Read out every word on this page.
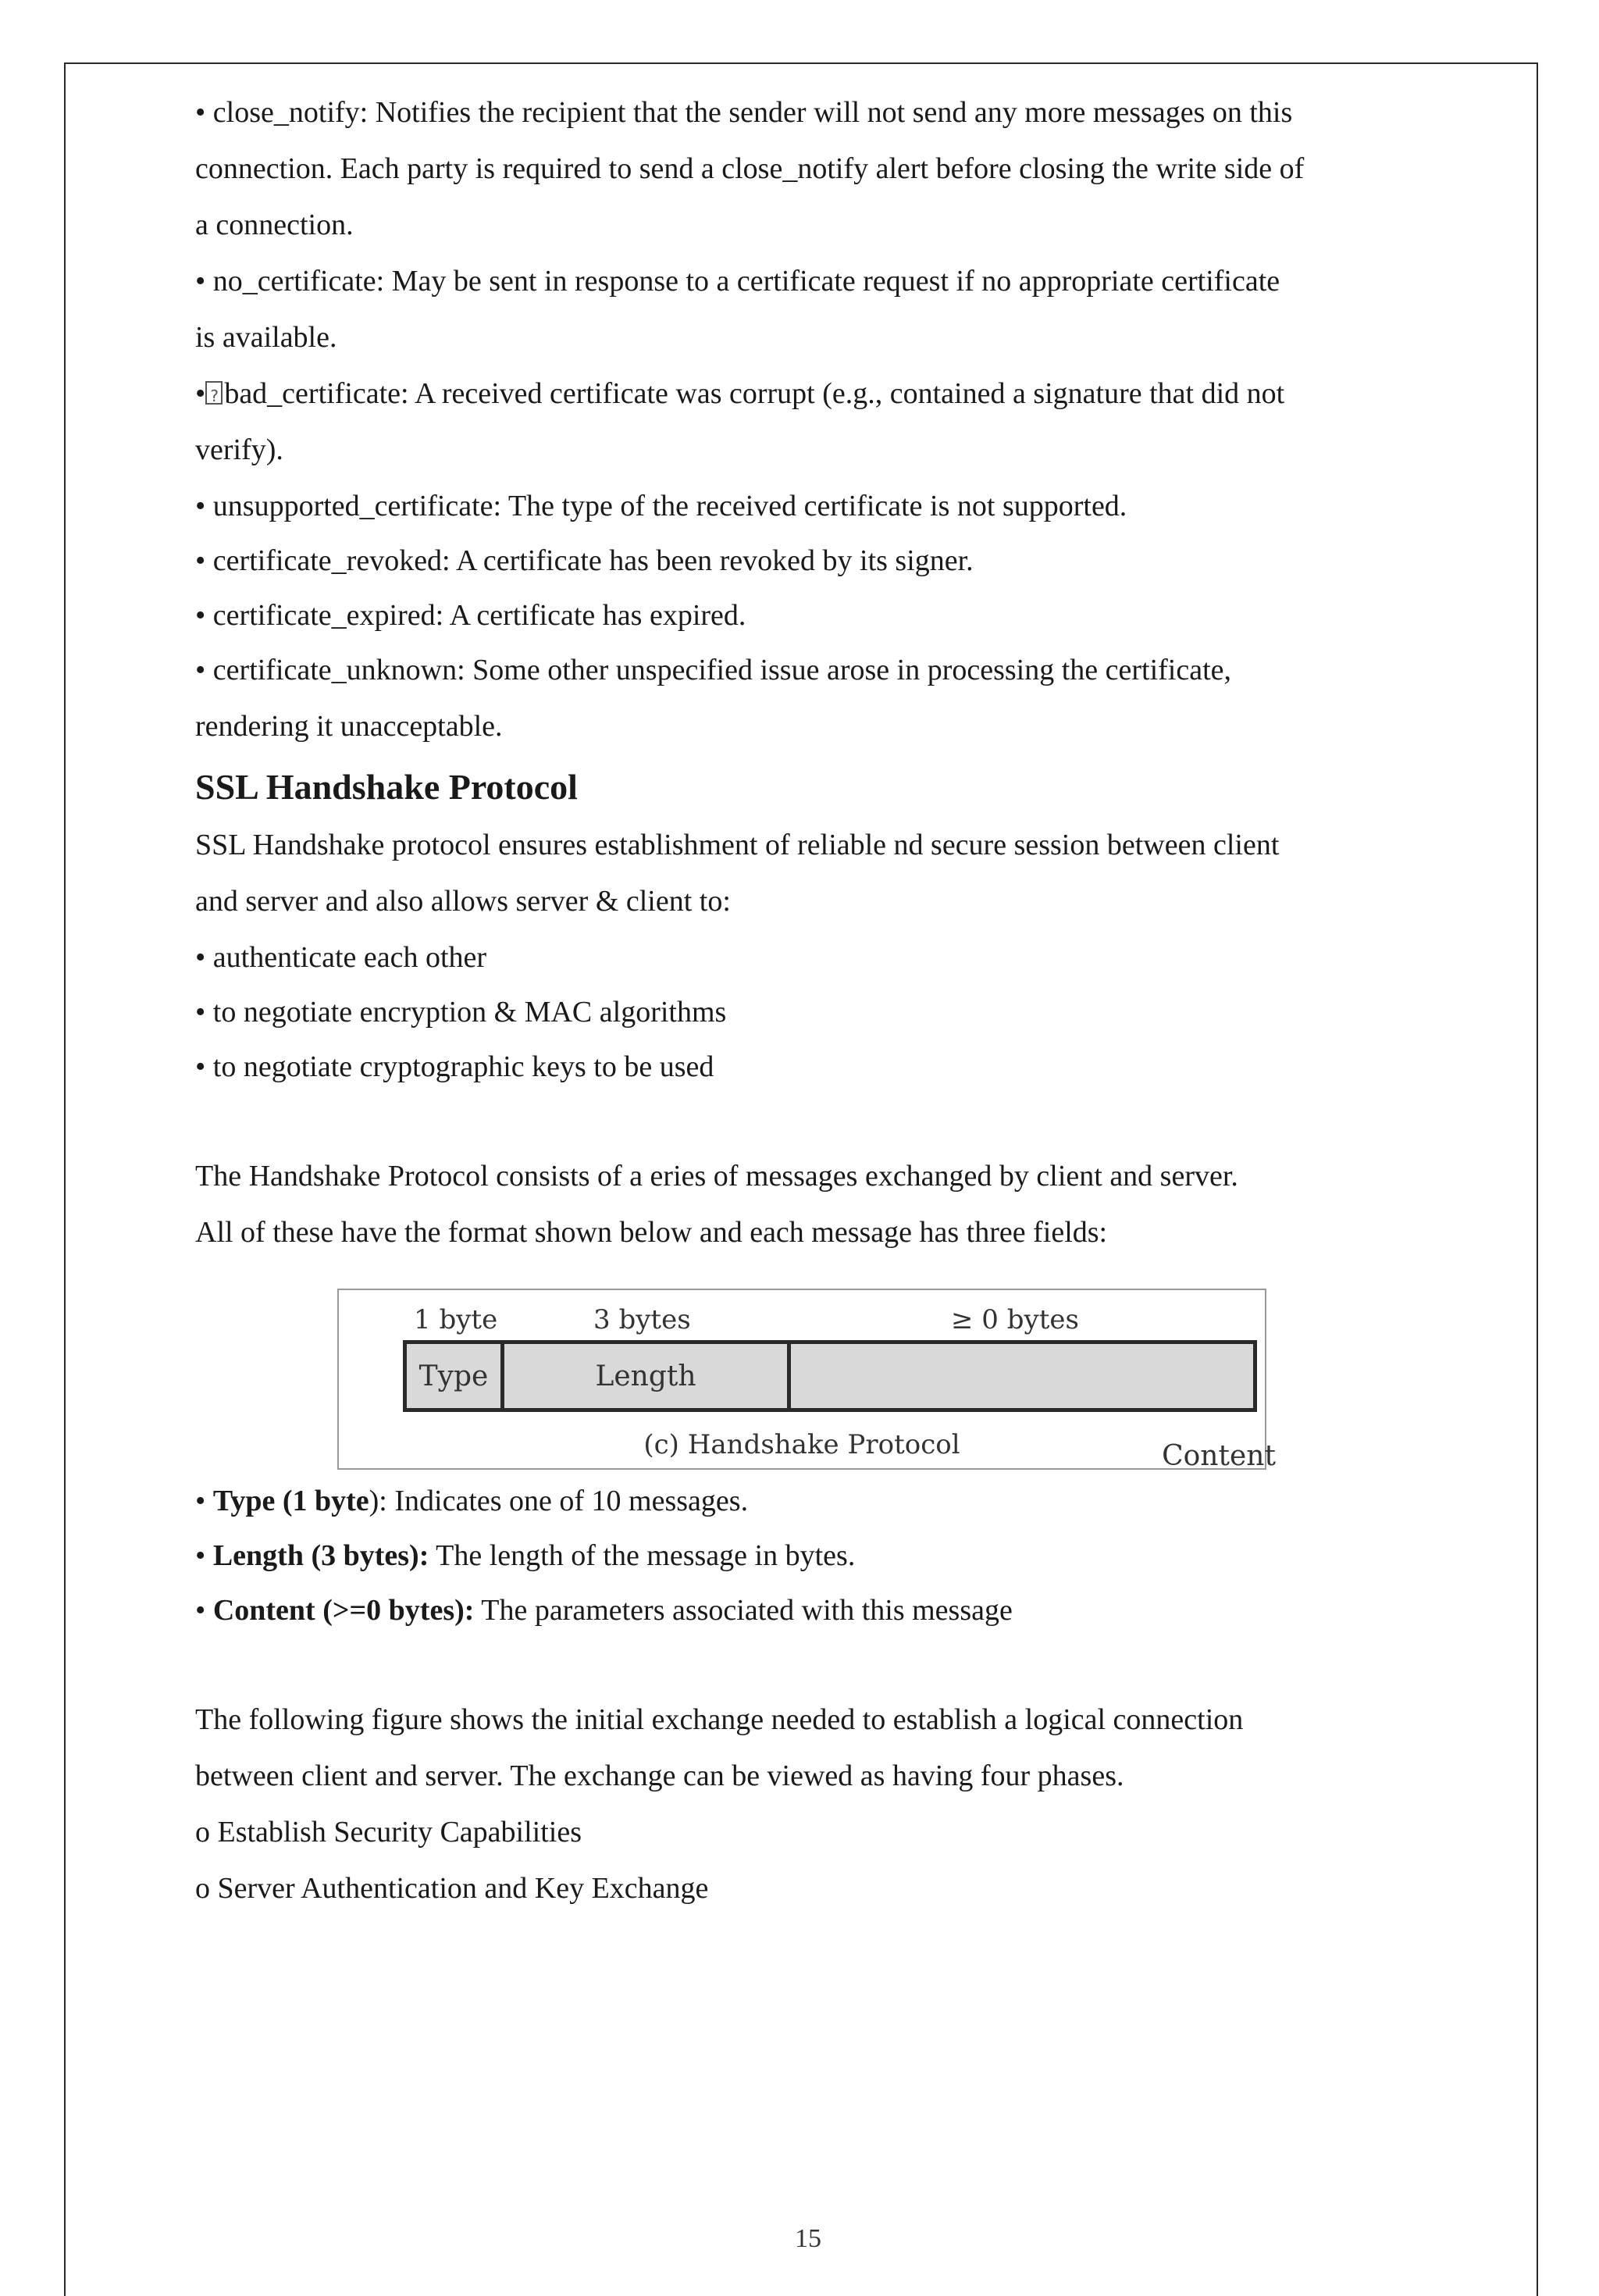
• close_notify: Notifies the recipient that the sender will not send any more messages on this
connection. Each party is required to send a close_notify alert before closing the write side of
a connection.
• no_certificate: May be sent in response to a certificate request if no appropriate certificate
is available.
•? bad_certificate: A received certificate was corrupt (e.g., contained a signature that did not
verify).
• unsupported_certificate: The type of the received certificate is not supported.
• certificate_revoked: A certificate has been revoked by its signer.
• certificate_expired: A certificate has expired.
• certificate_unknown: Some other unspecified issue arose in processing the certificate,
rendering it unacceptable.
SSL Handshake Protocol
SSL Handshake protocol ensures establishment of reliable nd secure session between client
and server and also allows server & client to:
• authenticate each other
• to negotiate encryption & MAC algorithms
• to negotiate cryptographic keys to be used
The Handshake Protocol consists of a eries of messages exchanged by client and server.
All of these have the format shown below and each message has three fields:
1 byte	3 bytes	≥ 0 bytes
Type	Length
Content
(c) Handshake Protocol
• Type (1 byte): Indicates one of 10 messages.
• Length (3 bytes): The length of the message in bytes.
• Content (>=0 bytes): The parameters associated with this message
The following figure shows the initial exchange needed to establish a logical connection
between client and server. The exchange can be viewed as having four phases.
o Establish Security Capabilities
o Server Authentication and Key Exchange
15
